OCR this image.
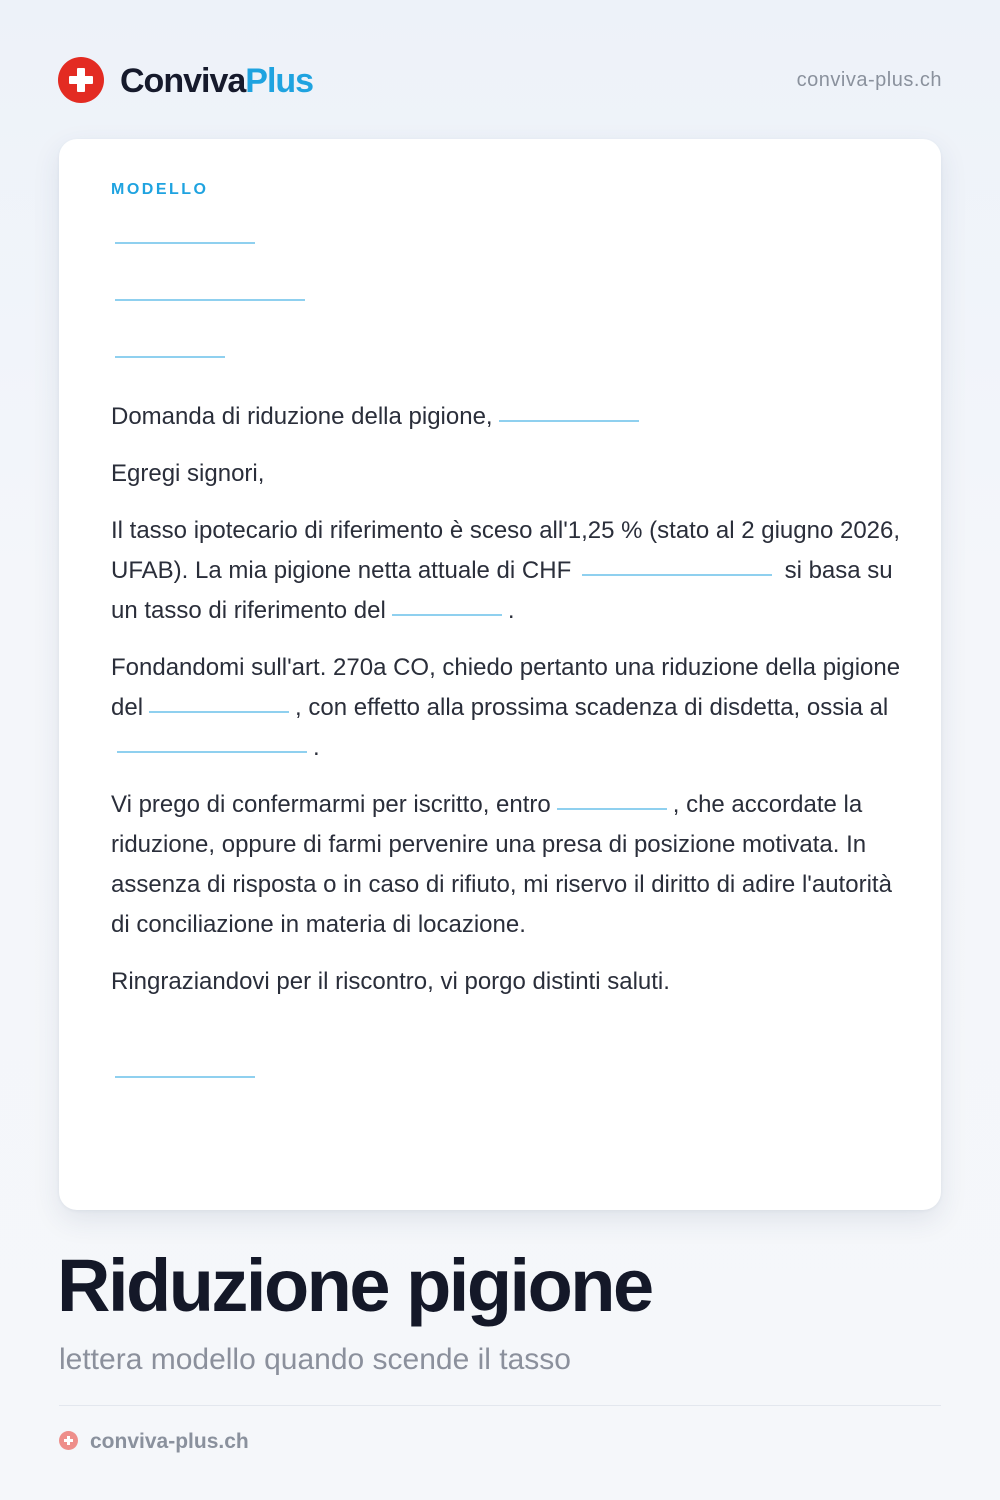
ConvivaPlus	conviva-plus.ch
MODELLO

Domanda di riduzione della pigione,

Egregi signori,

Il tasso ipotecario di riferimento è sceso all'1,25 % (stato al 2 giugno 2026, UFAB). La mia pigione netta attuale di CHF	si basa su un tasso di riferimento del	.

Fondandomi sull'art. 270a CO, chiedo pertanto una riduzione della pigione del	, con effetto alla prossima scadenza di disdetta, ossia al.

Vi prego di confermarmi per iscritto, entro	, che accordate la riduzione, oppure di farmi pervenire una presa di posizione motivata. In assenza di risposta o in caso di rifiuto, mi riservo il diritto di adire l'autorità di conciliazione in materia di locazione.

Ringraziandovi per il riscontro, vi porgo distinti saluti.

Riduzione pigione
lettera modello quando scende il tasso
conviva-plus.ch
